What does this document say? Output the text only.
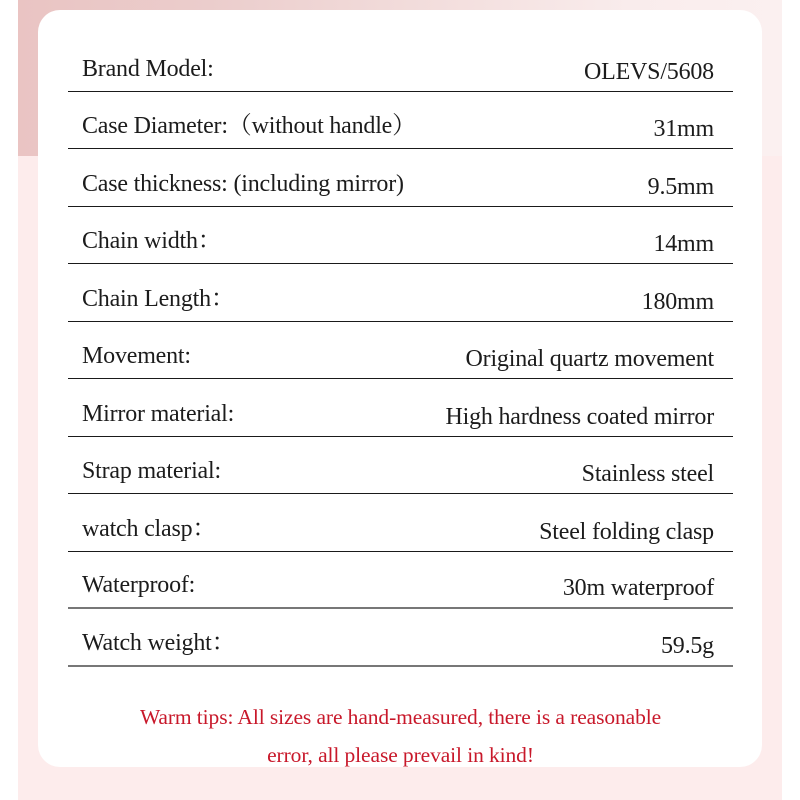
Brand Model:	OLEVS/5608
Case Diameter:（without handle）	31mm
Case thickness: (including mirror)	9.5mm
Chain width：	14mm
Chain Length：	180mm
Movement:	Original quartz movement
Mirror material:	High hardness coated mirror
Strap material:	Stainless steel
watch clasp：	Steel folding clasp
Waterproof:	30m waterproof
Watch weight：	59.5g
Warm tips: All sizes are hand-measured, there is a reasonable
error, all please prevail in kind!
